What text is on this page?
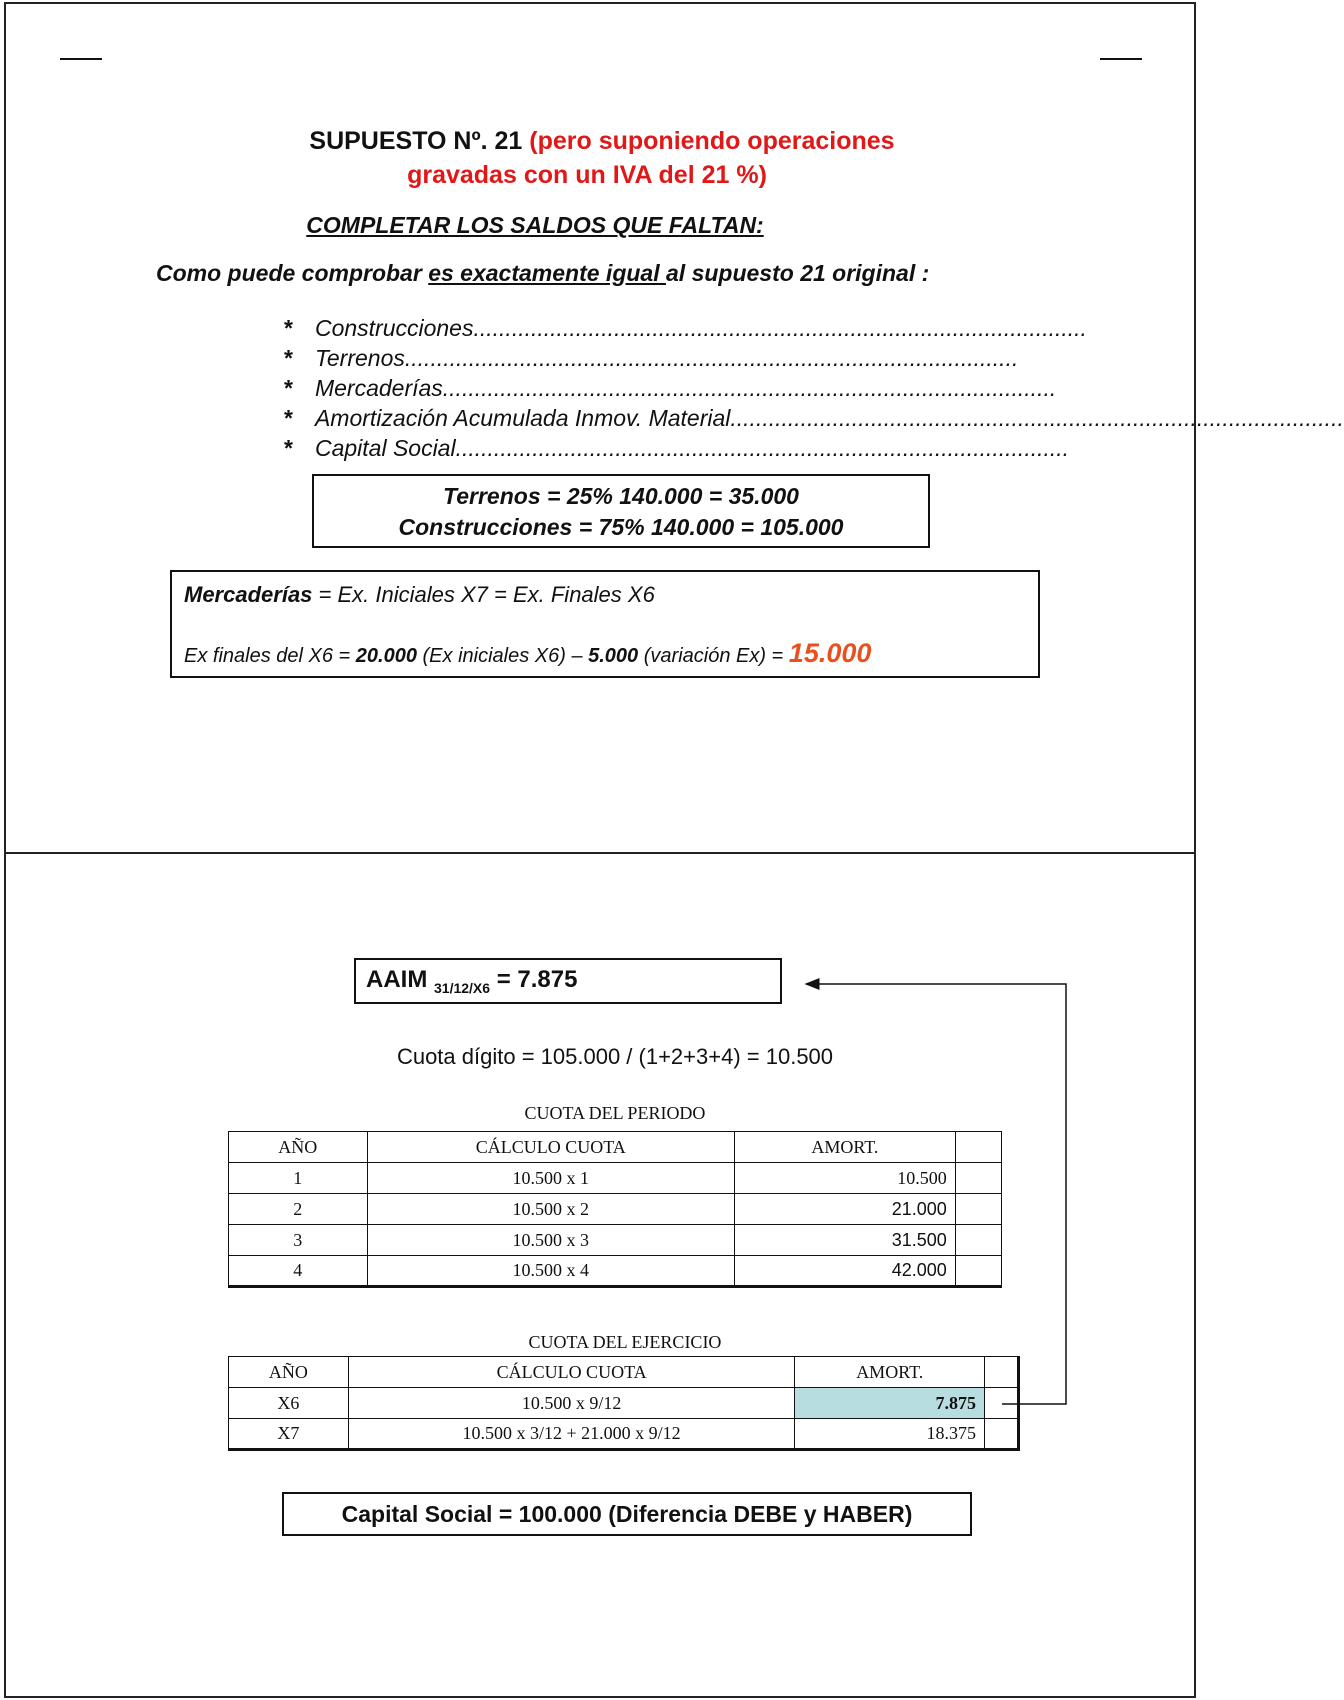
SUPUESTO Nº. 21 (pero suponiendo operaciones
gravadas con un IVA del 21 %)
COMPLETAR LOS SALDOS QUE FALTAN:
Como puede comprobar es exactamente igual al supuesto 21 original :
* Construcciones ................................................................................................
* Terrenos ................................................................................................
* Mercaderías ................................................................................................
* Amortización Acumulada Inmov. Material ................................................................................................
* Capital Social ................................................................................................
Terrenos = 25% 140.000 = 35.000
Construcciones = 75% 140.000 = 105.000
Mercaderías = Ex. Iniciales X7 = Ex. Finales X6
Ex finales del X6 = 20.000 (Ex iniciales X6) – 5.000 (variación Ex) = 15.000
AAIM $_{31/12/X6}$ = 7.875
Cuota dígito = 105.000 / (1+2+3+4) = 10.500
CUOTA DEL PERIODO
AÑO	CÁLCULO CUOTA	AMORT.	
1	10.500 x 1	10.500	
2	10.500 x 2	21.000	
3	10.500 x 3	31.500	
4	10.500 x 4	42.000	
CUOTA DEL EJERCICIO
AÑO	CÁLCULO CUOTA	AMORT.	
X6	10.500 x 9/12	7.875	
X7	10.500 x 3/12 + 21.000 x 9/12	18.375	
Capital Social = 100.000 (Diferencia DEBE y HABER)
